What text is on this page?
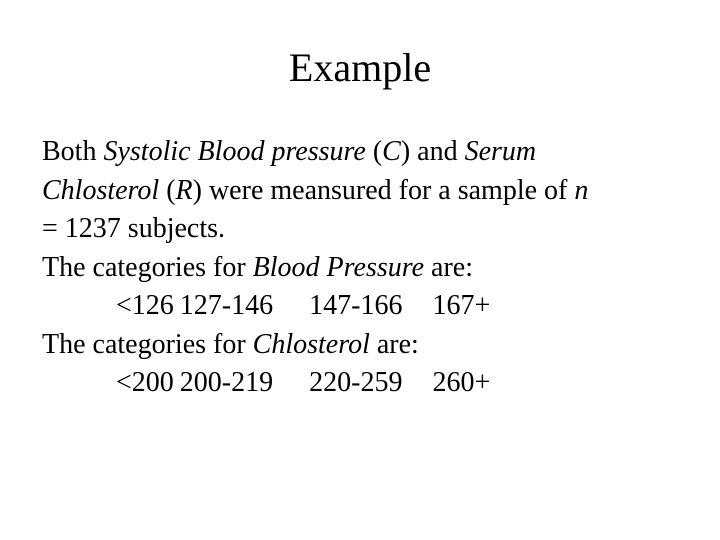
Example
Both Systolic Blood pressure (C) and Serum
Chlosterol (R) were meansured for a sample of n
= 1237 subjects.
The categories for Blood Pressure are:
<126 127-146 147-166 167+
The categories for Chlosterol are:
<200 200-219 220-259 260+
